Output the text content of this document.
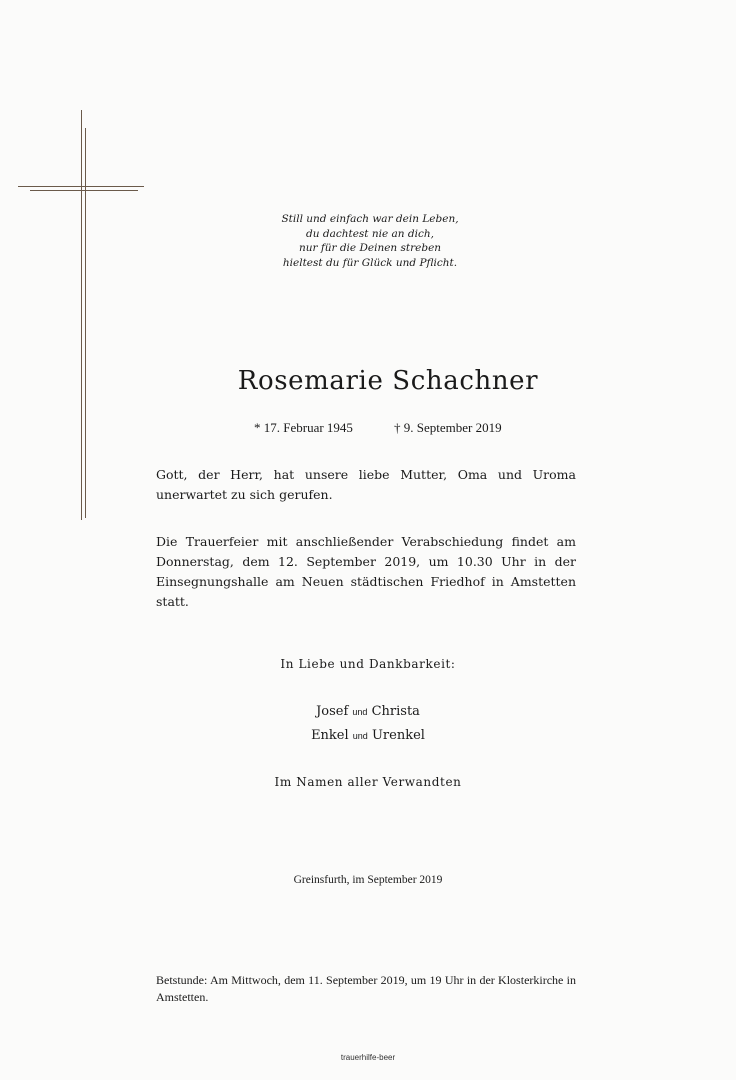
Still und einfach war dein Leben,
du dachtest nie an dich,
nur für die Deinen streben
hieltest du für Glück und Pflicht.
Rosemarie Schachner
* 17. Februar 1945	† 9. September 2019
Gott, der Herr, hat unsere liebe Mutter, Oma und Uroma unerwartet zu sich gerufen.
Die Trauerfeier mit anschließender Verabschiedung findet am Donnerstag, dem 12. September 2019, um 10.30 Uhr in der Einsegnungshalle am Neuen städtischen Friedhof in Amstetten statt.
In Liebe und Dankbarkeit:
Josef und Christa
Enkel und Urenkel
Im Namen aller Verwandten
Greinsfurth, im September 2019
Betstunde: Am Mittwoch, dem 11. September 2019, um 19 Uhr in der Klosterkirche in Amstetten.
trauerhilfe-beer
